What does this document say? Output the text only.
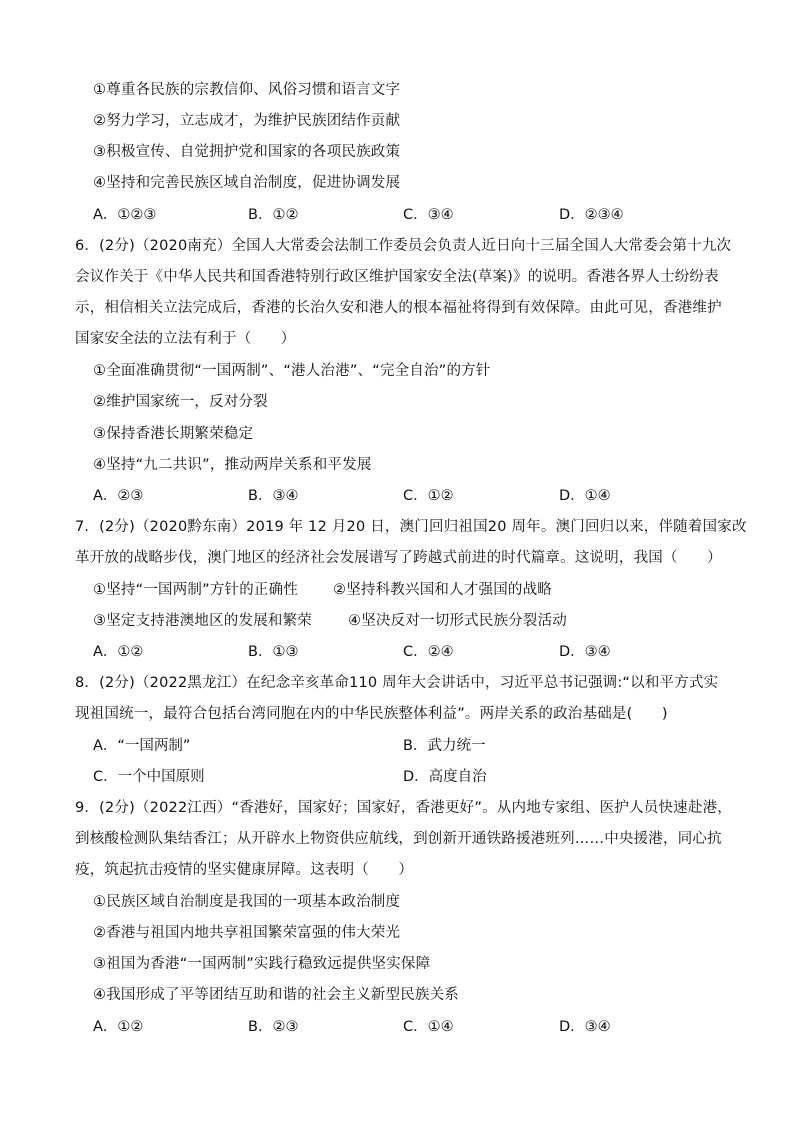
①尊重各民族的宗教信仰、风俗习惯和语言文字
②努力学习，立志成才，为维护民族团结作贡献
③积极宣传、自觉拥护党和国家的各项民族政策
④坚持和完善民族区域自治制度，促进协调发展
A．①②③	B．①②	C．③④	D．②③④
6．(2分)（2020南充）全国人大常委会法制工作委员会负责人近日向十三届全国人大常委会第十九次
会议作关于《中华人民共和国香港特别行政区维护国家安全法(草案)》的说明。香港各界人士纷纷表
示，相信相关立法完成后，香港的长治久安和港人的根本福祉将得到有效保障。由此可见，香港维护
国家安全法的立法有利于（　　）
①全面准确贯彻“一国两制”、“港人治港”、“完全自治”的方针
②维护国家统一，反对分裂
③保持香港长期繁荣稳定
④坚持“九二共识”，推动两岸关系和平发展
A．②③	B．③④	C．①②	D．①④
7．(2分)（2020黔东南）2019 年 12 月20 日，澳门回归祖国20 周年。澳门回归以来，伴随着国家改
革开放的战略步伐，澳门地区的经济社会发展谱写了跨越式前进的时代篇章。这说明，我国（　　）
①坚持“一国两制”方针的正确性 ②坚持科教兴国和人才强国的战略
③坚定支持港澳地区的发展和繁荣 ④坚决反对一切形式民族分裂活动
A．①②	B．①③	C．②④	D．③④
8．(2分)（2022黑龙江）在纪念辛亥革命110 周年大会讲话中，习近平总书记强调:“以和平方式实
现祖国统一，最符合包括台湾同胞在内的中华民族整体利益”。两岸关系的政治基础是(　　)
A．“一国两制”	B．武力统一
C．一个中国原则	D．高度自治
9．(2分)（2022江西）“香港好，国家好；国家好，香港更好”。从内地专家组、医护人员快速赴港，
到核酸检测队集结香江；从开辟水上物资供应航线，到创新开通铁路援港班列……中央援港，同心抗
疫，筑起抗击疫情的坚实健康屏障。这表明（　　）
①民族区域自治制度是我国的一项基本政治制度
②香港与祖国内地共享祖国繁荣富强的伟大荣光
③祖国为香港“一国两制”实践行稳致远提供坚实保障
④我国形成了平等团结互助和谐的社会主义新型民族关系
A．①②	B．②③	C．①④	D．③④
